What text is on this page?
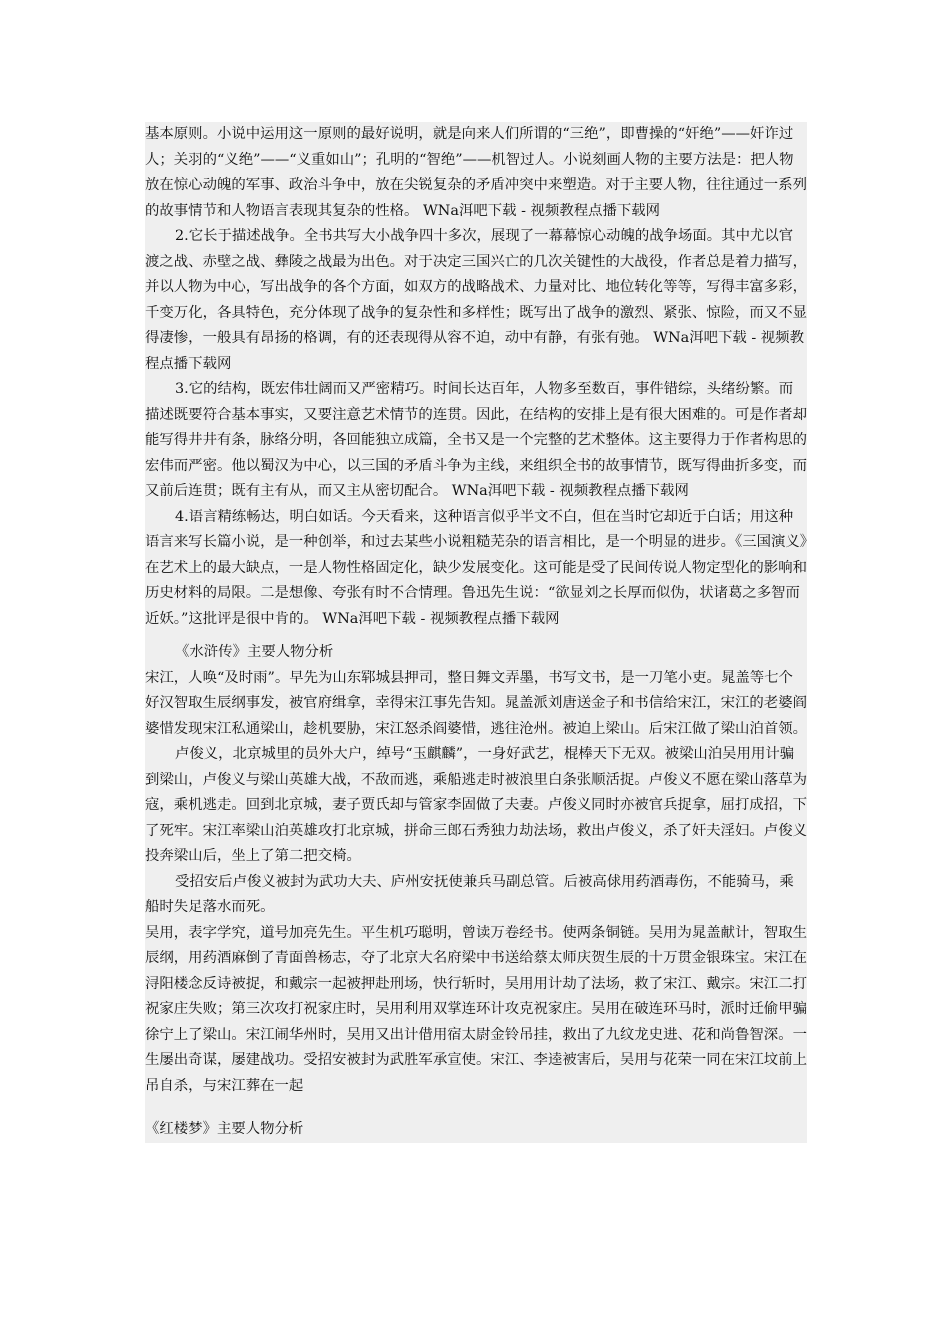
基本原则。小说中运用这一原则的最好说明，就是向来人们所谓的“三绝”，即曹操的“奸绝”——奸诈过人；关羽的“义绝”——“义重如山”；孔明的“智绝”——机智过人。小说刻画人物的主要方法是：把人物放在惊心动魄的军事、政治斗争中，放在尖锐复杂的矛盾冲突中来塑造。对于主要人物，往往通过一系列的故事情节和人物语言表现其复杂的性格。 WNa洱吧下载 - 视频教程点播下载网

2.它长于描述战争。全书共写大小战争四十多次，展现了一幕幕惊心动魄的战争场面。其中尤以官渡之战、赤壁之战、彝陵之战最为出色。对于决定三国兴亡的几次关键性的大战役，作者总是着力描写，并以人物为中心，写出战争的各个方面，如双方的战略战术、力量对比、地位转化等等，写得丰富多彩，千变万化，各具特色，充分体现了战争的复杂性和多样性；既写出了战争的激烈、紧张、惊险，而又不显得凄惨，一般具有昂扬的格调，有的还表现得从容不迫，动中有静，有张有弛。 WNa洱吧下载 - 视频教程点播下载网

3.它的结构，既宏伟壮阔而又严密精巧。时间长达百年，人物多至数百，事件错综，头绪纷繁。而描述既要符合基本事实，又要注意艺术情节的连贯。因此，在结构的安排上是有很大困难的。可是作者却能写得井井有条，脉络分明，各回能独立成篇，全书又是一个完整的艺术整体。这主要得力于作者构思的宏伟而严密。他以蜀汉为中心，以三国的矛盾斗争为主线，来组织全书的故事情节，既写得曲折多变，而又前后连贯；既有主有从，而又主从密切配合。 WNa洱吧下载 - 视频教程点播下载网

4.语言精练畅达，明白如话。今天看来，这种语言似乎半文不白，但在当时它却近于白话；用这种语言来写长篇小说，是一种创举，和过去某些小说粗糙芜杂的语言相比，是一个明显的进步。《三国演义》在艺术上的最大缺点，一是人物性格固定化，缺少发展变化。这可能是受了民间传说人物定型化的影响和历史材料的局限。二是想像、夸张有时不合情理。鲁迅先生说：“欲显刘之长厚而似伪，状诸葛之多智而近妖。”这批评是很中肯的。 WNa洱吧下载 - 视频教程点播下载网

《水浒传》主要人物分析

宋江，人唤“及时雨”。早先为山东郓城县押司，整日舞文弄墨，书写文书，是一刀笔小吏。晁盖等七个好汉智取生辰纲事发，被官府缉拿，幸得宋江事先告知。晁盖派刘唐送金子和书信给宋江，宋江的老婆阎婆惜发现宋江私通梁山，趁机要胁，宋江怒杀阎婆惜，逃往沧州。被迫上梁山。后宋江做了梁山泊首领。

卢俊义，北京城里的员外大户，绰号“玉麒麟”，一身好武艺，棍棒天下无双。被梁山泊吴用用计骗到梁山，卢俊义与梁山英雄大战，不敌而逃，乘船逃走时被浪里白条张顺活捉。卢俊义不愿在梁山落草为寇，乘机逃走。回到北京城，妻子贾氏却与管家李固做了夫妻。卢俊义同时亦被官兵捉拿，屈打成招，下了死牢。宋江率梁山泊英雄攻打北京城，拼命三郎石秀独力劫法场，救出卢俊义，杀了奸夫淫妇。卢俊义投奔梁山后，坐上了第二把交椅。

受招安后卢俊义被封为武功大夫、庐州安抚使兼兵马副总管。后被高俅用药酒毒伤，不能骑马，乘船时失足落水而死。

吴用，表字学究，道号加亮先生。平生机巧聪明，曾读万卷经书。使两条铜链。吴用为晁盖献计，智取生辰纲，用药酒麻倒了青面兽杨志，夺了北京大名府梁中书送给蔡太师庆贺生辰的十万贯金银珠宝。宋江在浔阳楼念反诗被捉，和戴宗一起被押赴刑场，快行斩时，吴用用计劫了法场，救了宋江、戴宗。宋江二打祝家庄失败；第三次攻打祝家庄时，吴用利用双掌连环计攻克祝家庄。吴用在破连环马时，派时迁偷甲骗徐宁上了梁山。宋江闹华州时，吴用又出计借用宿太尉金铃吊挂，救出了九纹龙史进、花和尚鲁智深。一生屡出奇谋，屡建战功。受招安被封为武胜军承宣使。宋江、李逵被害后，吴用与花荣一同在宋江坟前上吊自杀，与宋江葬在一起

《红楼梦》主要人物分析
